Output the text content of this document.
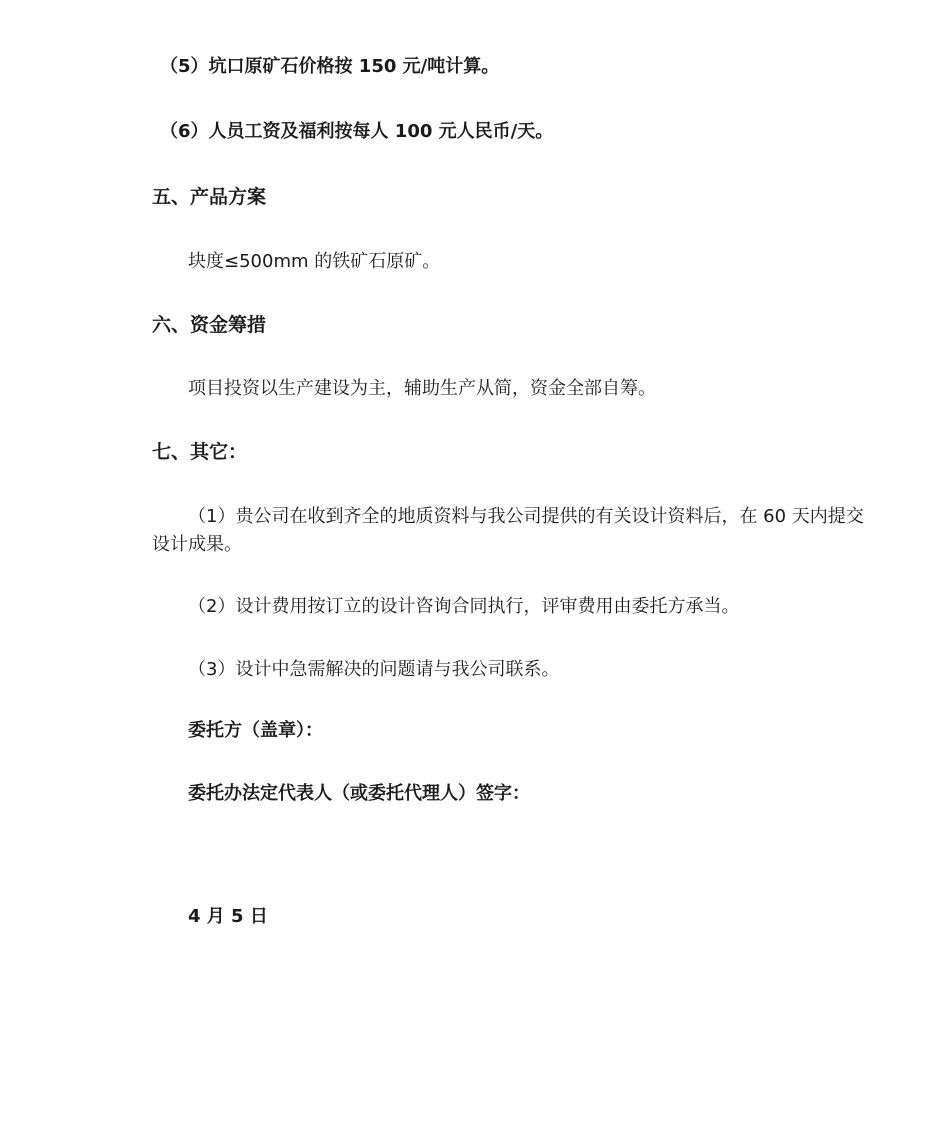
（5）坑口原矿石价格按 150 元/吨计算。
（6）人员工资及福利按每人 100 元人民币/天。
五、产品方案
块度≤500mm 的铁矿石原矿。
六、资金筹措
项目投资以生产建设为主，辅助生产从简，资金全部自筹。
七、其它：
（1）贵公司在收到齐全的地质资料与我公司提供的有关设计资料后，在 60 天内提交设计成果。
（2）设计费用按订立的设计咨询合同执行，评审费用由委托方承当。
（3）设计中急需解决的问题请与我公司联系。
委托方（盖章）：
委托办法定代表人（或委托代理人）签字：
4 月 5 日
